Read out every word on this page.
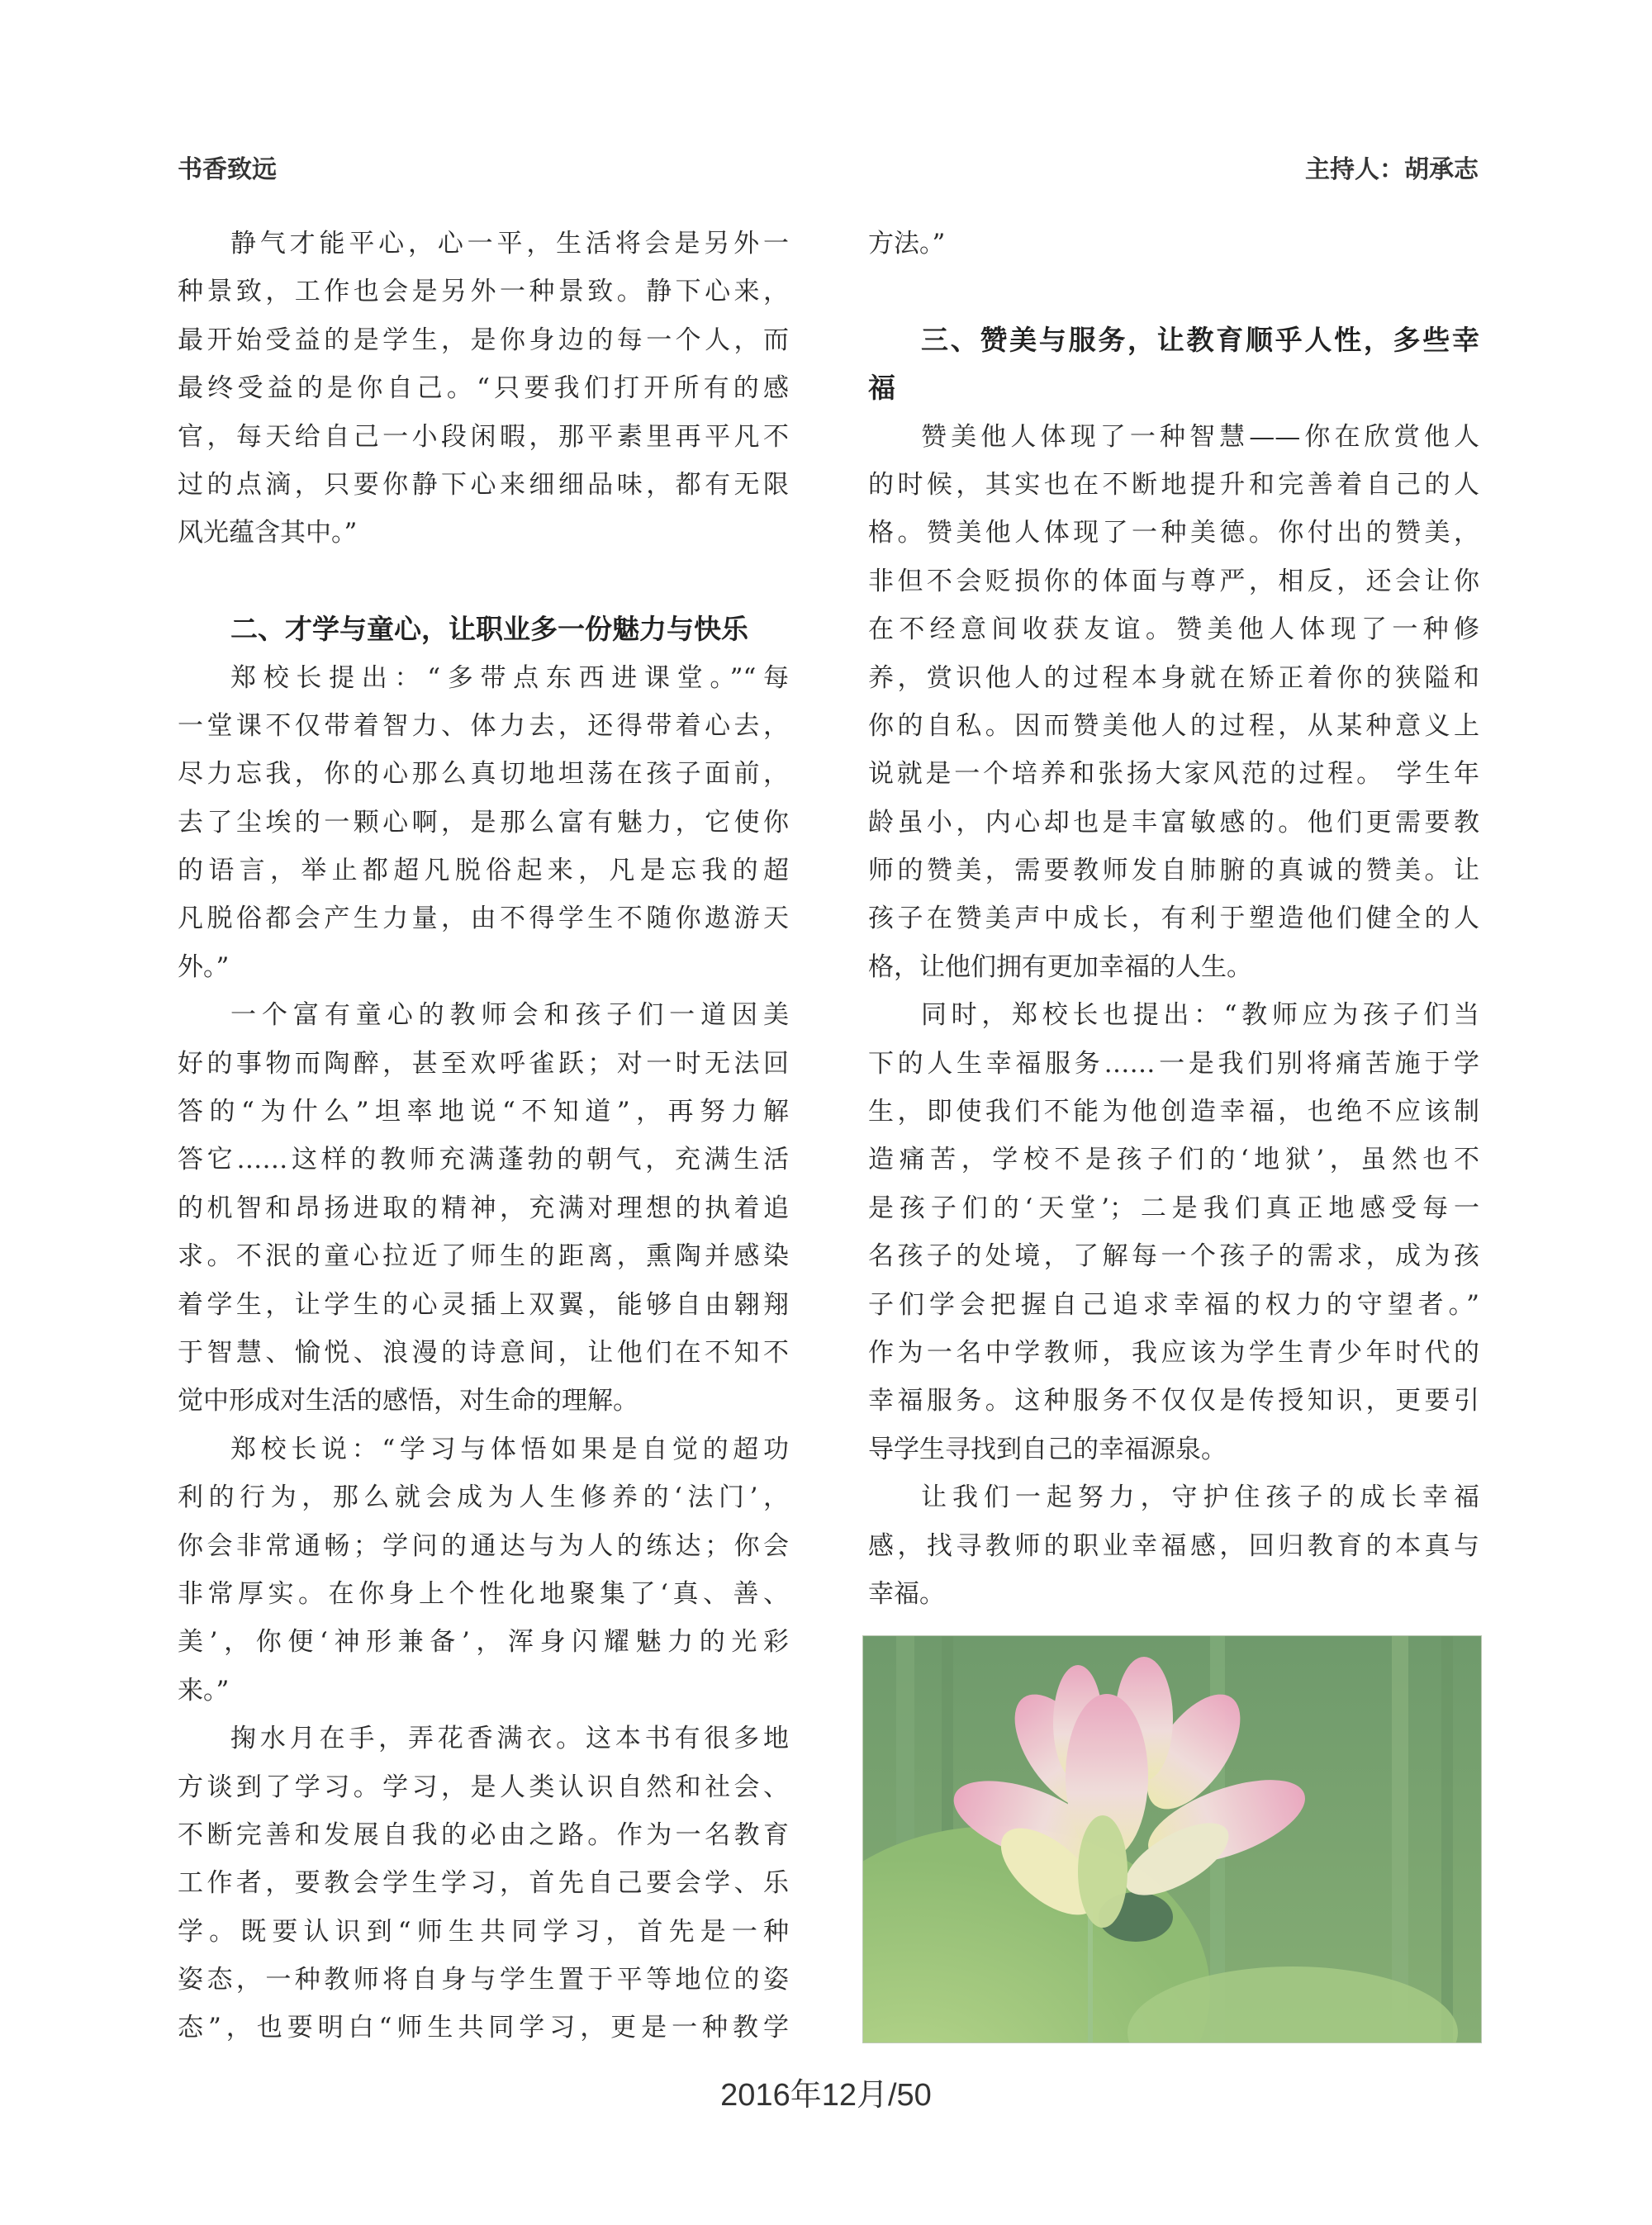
书香致远	主持人：胡承志
静气才能平心，心一平，生活将会是另外一
种景致，工作也会是另外一种景致。静下心来，
最开始受益的是学生，是你身边的每一个人，而
最终受益的是你自己。“只要我们打开所有的感
官，每天给自己一小段闲暇，那平素里再平凡不
过的点滴，只要你静下心来细细品味，都有无限
风光蕴含其中。”
二、才学与童心，让职业多一份魅力与快乐
郑校长提出：“多带点东西进课堂。”“每
一堂课不仅带着智力、体力去，还得带着心去，
尽力忘我，你的心那么真切地坦荡在孩子面前，
去了尘埃的一颗心啊，是那么富有魅力，它使你
的语言，举止都超凡脱俗起来，凡是忘我的超
凡脱俗都会产生力量，由不得学生不随你遨游天
外。”
一个富有童心的教师会和孩子们一道因美
好的事物而陶醉，甚至欢呼雀跃；对一时无法回
答的“为什么”坦率地说“不知道”，再努力解
答它……这样的教师充满蓬勃的朝气，充满生活
的机智和昂扬进取的精神，充满对理想的执着追
求。不泯的童心拉近了师生的距离，熏陶并感染
着学生，让学生的心灵插上双翼，能够自由翱翔
于智慧、愉悦、浪漫的诗意间，让他们在不知不
觉中形成对生活的感悟，对生命的理解。
郑校长说：“学习与体悟如果是自觉的超功
利的行为，那么就会成为人生修养的‘法门’，
你会非常通畅；学问的通达与为人的练达；你会
非常厚实。在你身上个性化地聚集了‘真、善、
美’，你便‘神形兼备’，浑身闪耀魅力的光彩
来。”
掬水月在手，弄花香满衣。这本书有很多地
方谈到了学习。学习，是人类认识自然和社会、
不断完善和发展自我的必由之路。作为一名教育
工作者，要教会学生学习，首先自己要会学、乐
学。既要认识到“师生共同学习，首先是一种
姿态，一种教师将自身与学生置于平等地位的姿
态”，也要明白“师生共同学习，更是一种教学
方法。”
三、赞美与服务，让教育顺乎人性，多些幸
福
赞美他人体现了一种智慧——你在欣赏他人
的时候，其实也在不断地提升和完善着自己的人
格。赞美他人体现了一种美德。你付出的赞美，
非但不会贬损你的体面与尊严，相反，还会让你
在不经意间收获友谊。赞美他人体现了一种修
养，赏识他人的过程本身就在矫正着你的狭隘和
你的自私。因而赞美他人的过程，从某种意义上
说就是一个培养和张扬大家风范的过程。 学生年
龄虽小，内心却也是丰富敏感的。他们更需要教
师的赞美，需要教师发自肺腑的真诚的赞美。让
孩子在赞美声中成长，有利于塑造他们健全的人
格，让他们拥有更加幸福的人生。
同时，郑校长也提出：“教师应为孩子们当
下的人生幸福服务……一是我们别将痛苦施于学
生，即使我们不能为他创造幸福，也绝不应该制
造痛苦，学校不是孩子们的‘地狱’，虽然也不
是孩子们的‘天堂’；二是我们真正地感受每一
名孩子的处境，了解每一个孩子的需求，成为孩
子们学会把握自己追求幸福的权力的守望者。”
作为一名中学教师，我应该为学生青少年时代的
幸福服务。这种服务不仅仅是传授知识，更要引
导学生寻找到自己的幸福源泉。
让我们一起努力，守护住孩子的成长幸福
感，找寻教师的职业幸福感，回归教育的本真与
幸福。
2016年12月/50
